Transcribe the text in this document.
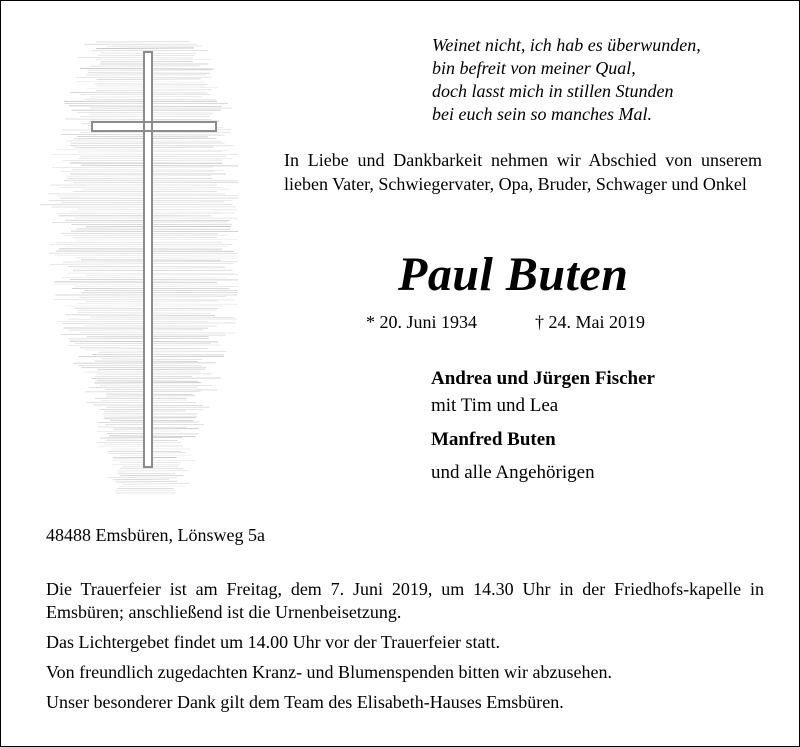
Weinet nicht, ich hab es überwunden,
bin befreit von meiner Qual,
doch lasst mich in stillen Stunden
bei euch sein so manches Mal.
In Liebe und Dankbarkeit nehmen wir Abschied von unserem lieben Vater, Schwiegervater, Opa, Bruder, Schwager und Onkel
Paul Buten
* 20. Juni 1934	† 24. Mai 2019
Andrea und Jürgen Fischer
mit Tim und Lea
Manfred Buten
und alle Angehörigen
48488 Emsbüren, Lönsweg 5a
Die Trauerfeier ist am Freitag, dem 7. Juni 2019, um 14.30 Uhr in der Friedhofs-kapelle in Emsbüren; anschließend ist die Urnenbeisetzung.
Das Lichtergebet findet um 14.00 Uhr vor der Trauerfeier statt.
Von freundlich zugedachten Kranz- und Blumenspenden bitten wir abzusehen.
Unser besonderer Dank gilt dem Team des Elisabeth-Hauses Emsbüren.
